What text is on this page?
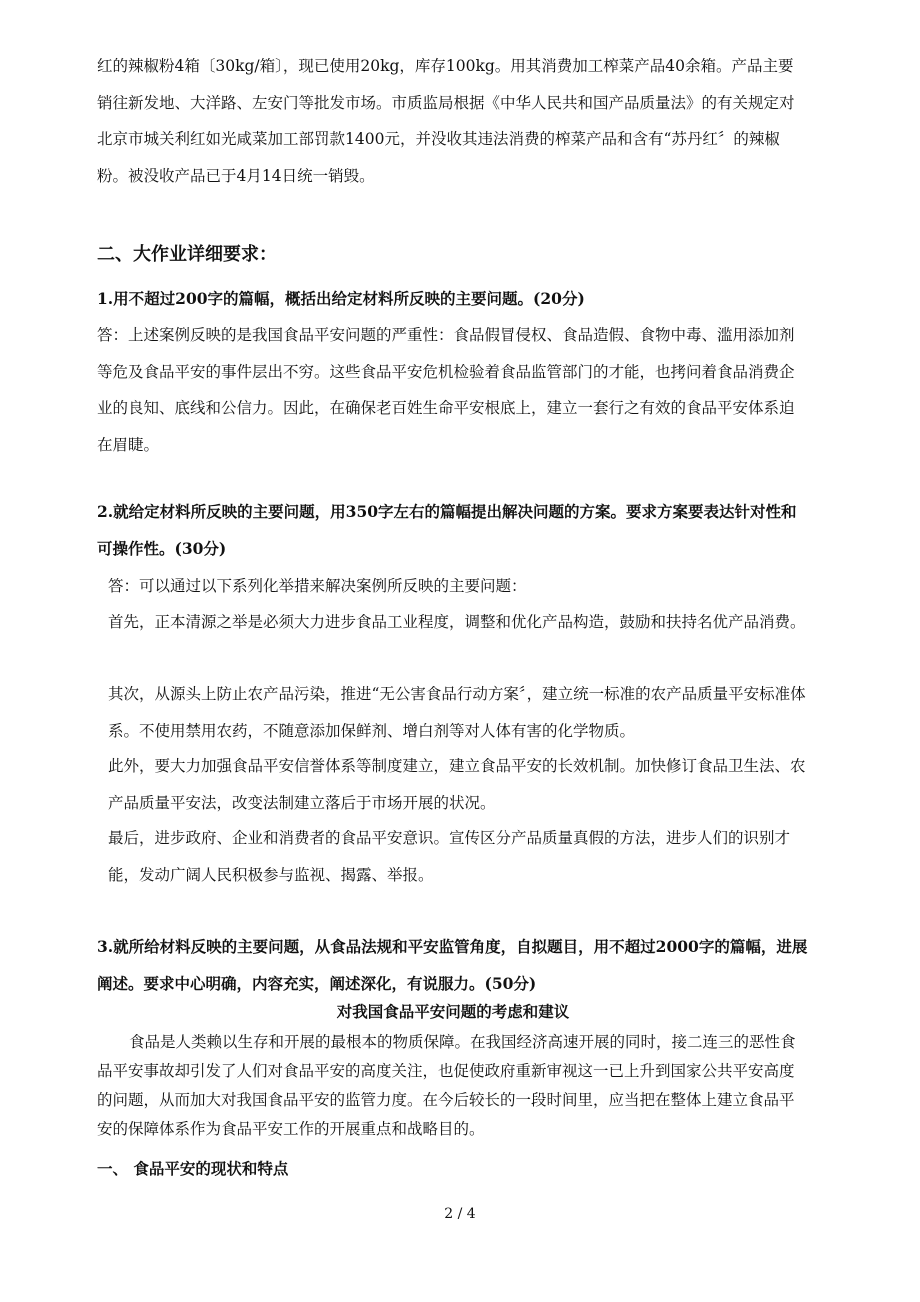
红的辣椒粉4箱〔30kg/箱〕，现已使用20kg，库存100kg。用其消费加工榨菜产品40余箱。产品主要销往新发地、大洋路、左安门等批发市场。市质监局根据《中华人民共和国产品质量法》的有关规定对北京市城关利红如光咸菜加工部罚款1400元，并没收其违法消费的榨菜产品和含有“苏丹红〞的辣椒粉。被没收产品已于4月14日统一销毁。

二、大作业详细要求：

1.用不超过200字的篇幅，概括出给定材料所反映的主要问题。(20分)

答：上述案例反映的是我国食品平安问题的严重性：食品假冒侵权、食品造假、食物中毒、滥用添加剂等危及食品平安的事件层出不穷。这些食品平安危机检验着食品监管部门的才能，也拷问着食品消费企业的良知、底线和公信力。因此，在确保老百姓生命平安根底上，建立一套行之有效的食品平安体系迫在眉睫。

2.就给定材料所反映的主要问题，用350字左右的篇幅提出解决问题的方案。要求方案要表达针对性和可操作性。(30分)

答：可以通过以下系列化举措来解决案例所反映的主要问题：

首先，正本清源之举是必须大力进步食品工业程度，调整和优化产品构造，鼓励和扶持名优产品消费。

其次，从源头上防止农产品污染，推进“无公害食品行动方案〞，建立统一标准的农产品质量平安标准体系。不使用禁用农药，不随意添加保鲜剂、增白剂等对人体有害的化学物质。

此外，要大力加强食品平安信誉体系等制度建立，建立食品平安的长效机制。加快修订食品卫生法、农产品质量平安法，改变法制建立落后于市场开展的状况。

最后，进步政府、企业和消费者的食品平安意识。宣传区分产品质量真假的方法，进步人们的识别才能，发动广阔人民积极参与监视、揭露、举报。

3.就所给材料反映的主要问题，从食品法规和平安监管角度，自拟题目，用不超过2000字的篇幅，进展阐述。要求中心明确，内容充实，阐述深化，有说服力。(50分)

对我国食品平安问题的考虑和建议

食品是人类赖以生存和开展的最根本的物质保障。在我国经济高速开展的同时，接二连三的恶性食品平安事故却引发了人们对食品平安的高度关注，也促使政府重新审视这一已上升到国家公共平安高度的问题，从而加大对我国食品平安的监管力度。在今后较长的一段时间里，应当把在整体上建立食品平安的保障体系作为食品平安工作的开展重点和战略目的。

一、 食品平安的现状和特点

2 / 4
